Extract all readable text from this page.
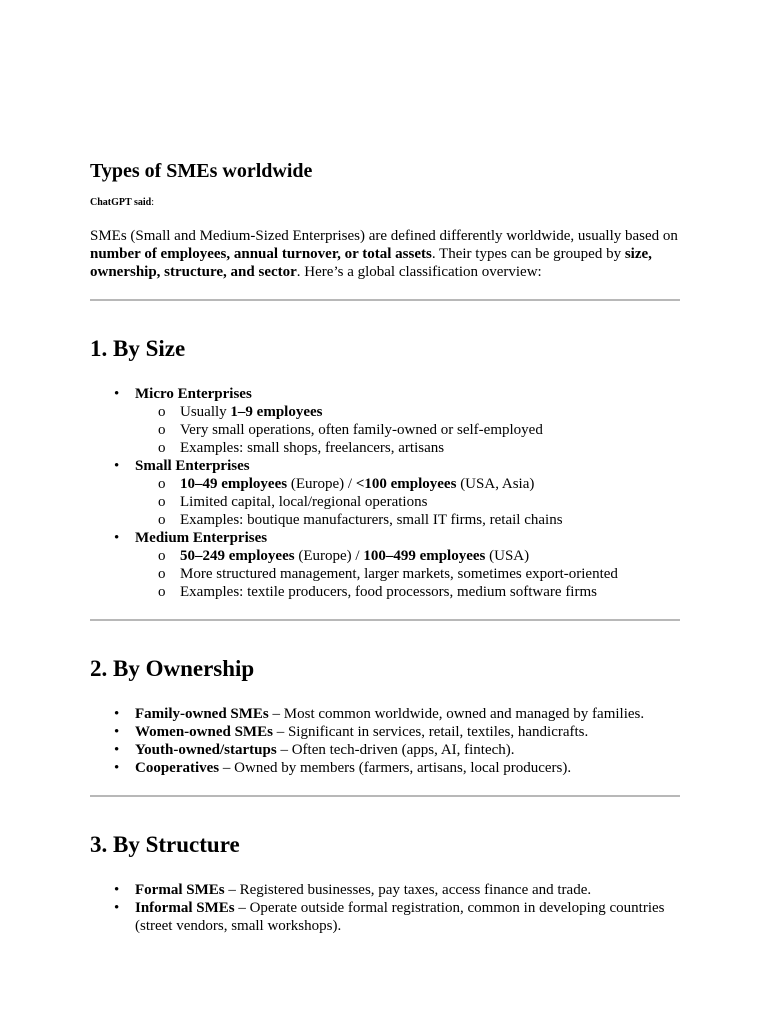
Types of SMEs worldwide

ChatGPT said:

SMEs (Small and Medium-Sized Enterprises) are defined differently worldwide, usually based on number of employees, annual turnover, or total assets. Their types can be grouped by size, ownership, structure, and sector. Here’s a global classification overview:

1. By Size
• Micro Enterprises
o Usually 1–9 employees
o Very small operations, often family-owned or self-employed
o Examples: small shops, freelancers, artisans
• Small Enterprises
o 10–49 employees (Europe) / <100 employees (USA, Asia)
o Limited capital, local/regional operations
o Examples: boutique manufacturers, small IT firms, retail chains
• Medium Enterprises
o 50–249 employees (Europe) / 100–499 employees (USA)
o More structured management, larger markets, sometimes export-oriented
o Examples: textile producers, food processors, medium software firms
2. By Ownership
• Family-owned SMEs – Most common worldwide, owned and managed by families.
• Women-owned SMEs – Significant in services, retail, textiles, handicrafts.
• Youth-owned/startups – Often tech-driven (apps, AI, fintech).
• Cooperatives – Owned by members (farmers, artisans, local producers).
3. By Structure
• Formal SMEs – Registered businesses, pay taxes, access finance and trade.
• Informal SMEs – Operate outside formal registration, common in developing countries (street vendors, small workshops).
